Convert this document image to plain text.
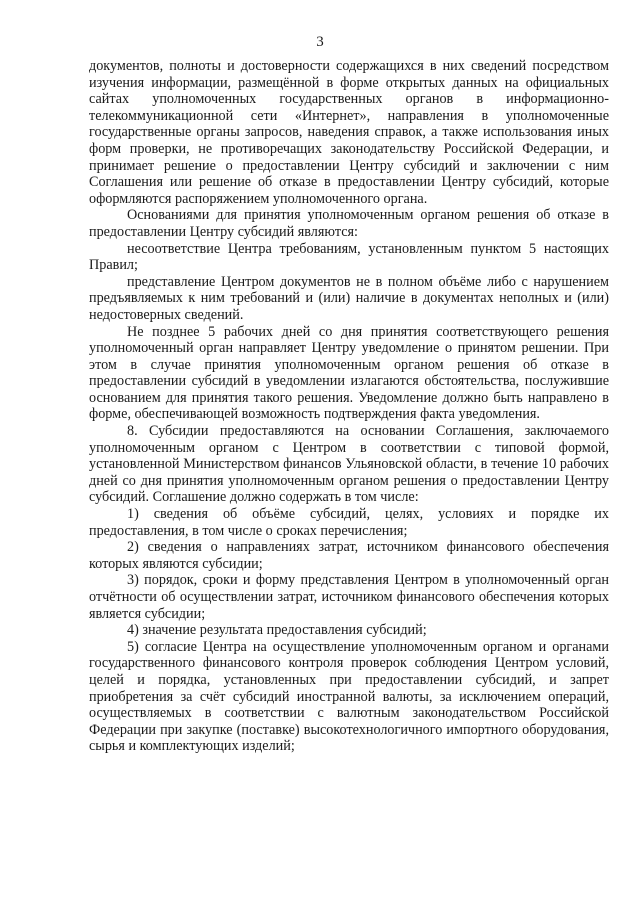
3

документов, полноты и достоверности содержащихся в них сведений посредством изучения информации, размещённой в форме открытых данных на официальных сайтах уполномоченных государственных органов в информационно-телекоммуникационной сети «Интернет», направления в уполномоченные государственные органы запросов, наведения справок, а также использования иных форм проверки, не противоречащих законодательству Российской Федерации, и принимает решение о предоставлении Центру субсидий и заключении с ним Соглашения или решение об отказе в предоставлении Центру субсидий, которые оформляются распоряжением уполномоченного органа.

Основаниями для принятия уполномоченным органом решения об отказе в предоставлении Центру субсидий являются:

несоответствие Центра требованиям, установленным пунктом 5 настоящих Правил;

представление Центром документов не в полном объёме либо с нарушением предъявляемых к ним требований и (или) наличие в документах неполных и (или) недостоверных сведений.

Не позднее 5 рабочих дней со дня принятия соответствующего решения уполномоченный орган направляет Центру уведомление о принятом решении. При этом в случае принятия уполномоченным органом решения об отказе в предоставлении субсидий в уведомлении излагаются обстоятельства, послужившие основанием для принятия такого решения. Уведомление должно быть направлено в форме, обеспечивающей возможность подтверждения факта уведомления.

8. Субсидии предоставляются на основании Соглашения, заключаемого уполномоченным органом с Центром в соответствии с типовой формой, установленной Министерством финансов Ульяновской области, в течение 10 рабочих дней со дня принятия уполномоченным органом решения о предоставлении Центру субсидий. Соглашение должно содержать в том числе:

1) сведения об объёме субсидий, целях, условиях и порядке их предоставления, в том числе о сроках перечисления;

2) сведения о направлениях затрат, источником финансового обеспечения которых являются субсидии;

3) порядок, сроки и форму представления Центром в уполномоченный орган отчётности об осуществлении затрат, источником финансового обеспечения которых является субсидии;

4) значение результата предоставления субсидий;

5) согласие Центра на осуществление уполномоченным органом и органами государственного финансового контроля проверок соблюдения Центром условий, целей и порядка, установленных при предоставлении субсидий, и запрет приобретения за счёт субсидий иностранной валюты, за исключением операций, осуществляемых в соответствии с валютным законодательством Российской Федерации при закупке (поставке) высокотехнологичного импортного оборудования, сырья и комплектующих изделий;
